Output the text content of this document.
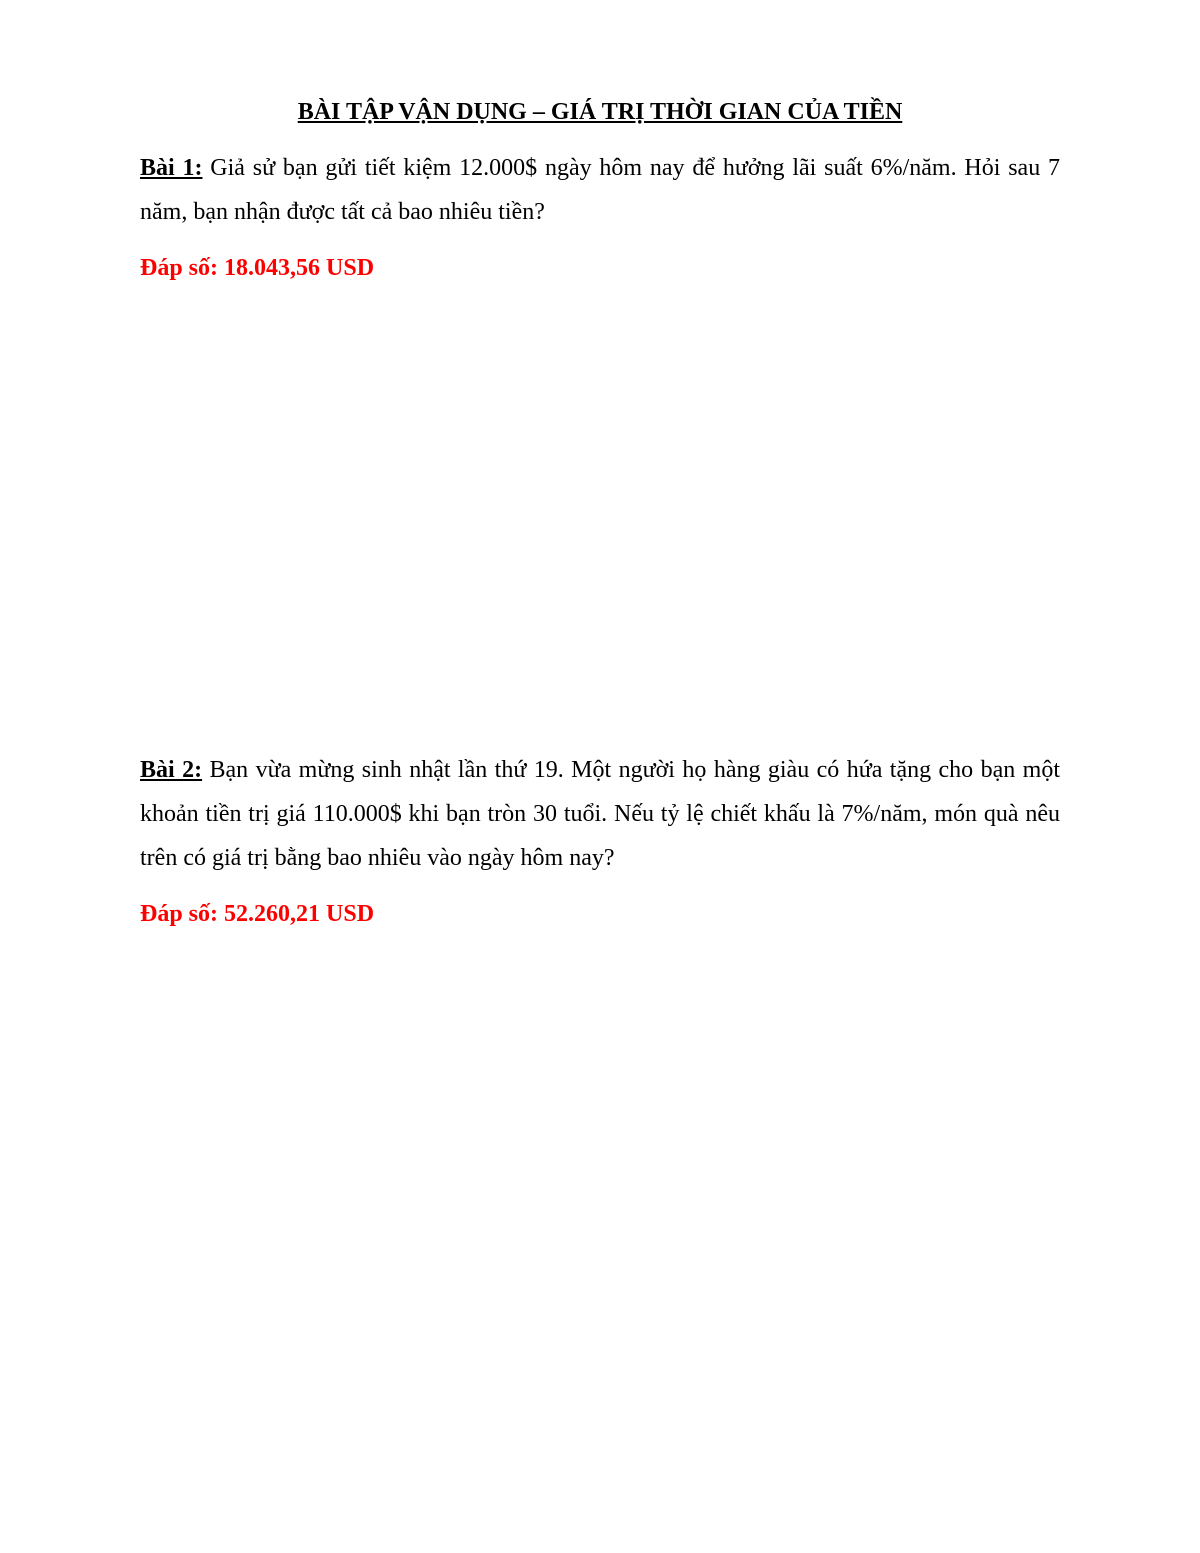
BÀI TẬP VẬN DỤNG – GIÁ TRỊ THỜI GIAN CỦA TIỀN

Bài 1: Giả sử bạn gửi tiết kiệm 12.000$ ngày hôm nay để hưởng lãi suất 6%/năm. Hỏi sau 7 năm, bạn nhận được tất cả bao nhiêu tiền?

Đáp số: 18.043,56 USD

Bài 2: Bạn vừa mừng sinh nhật lần thứ 19. Một người họ hàng giàu có hứa tặng cho bạn một khoản tiền trị giá 110.000$ khi bạn tròn 30 tuổi. Nếu tỷ lệ chiết khấu là 7%/năm, món quà nêu trên có giá trị bằng bao nhiêu vào ngày hôm nay?

Đáp số: 52.260,21 USD
